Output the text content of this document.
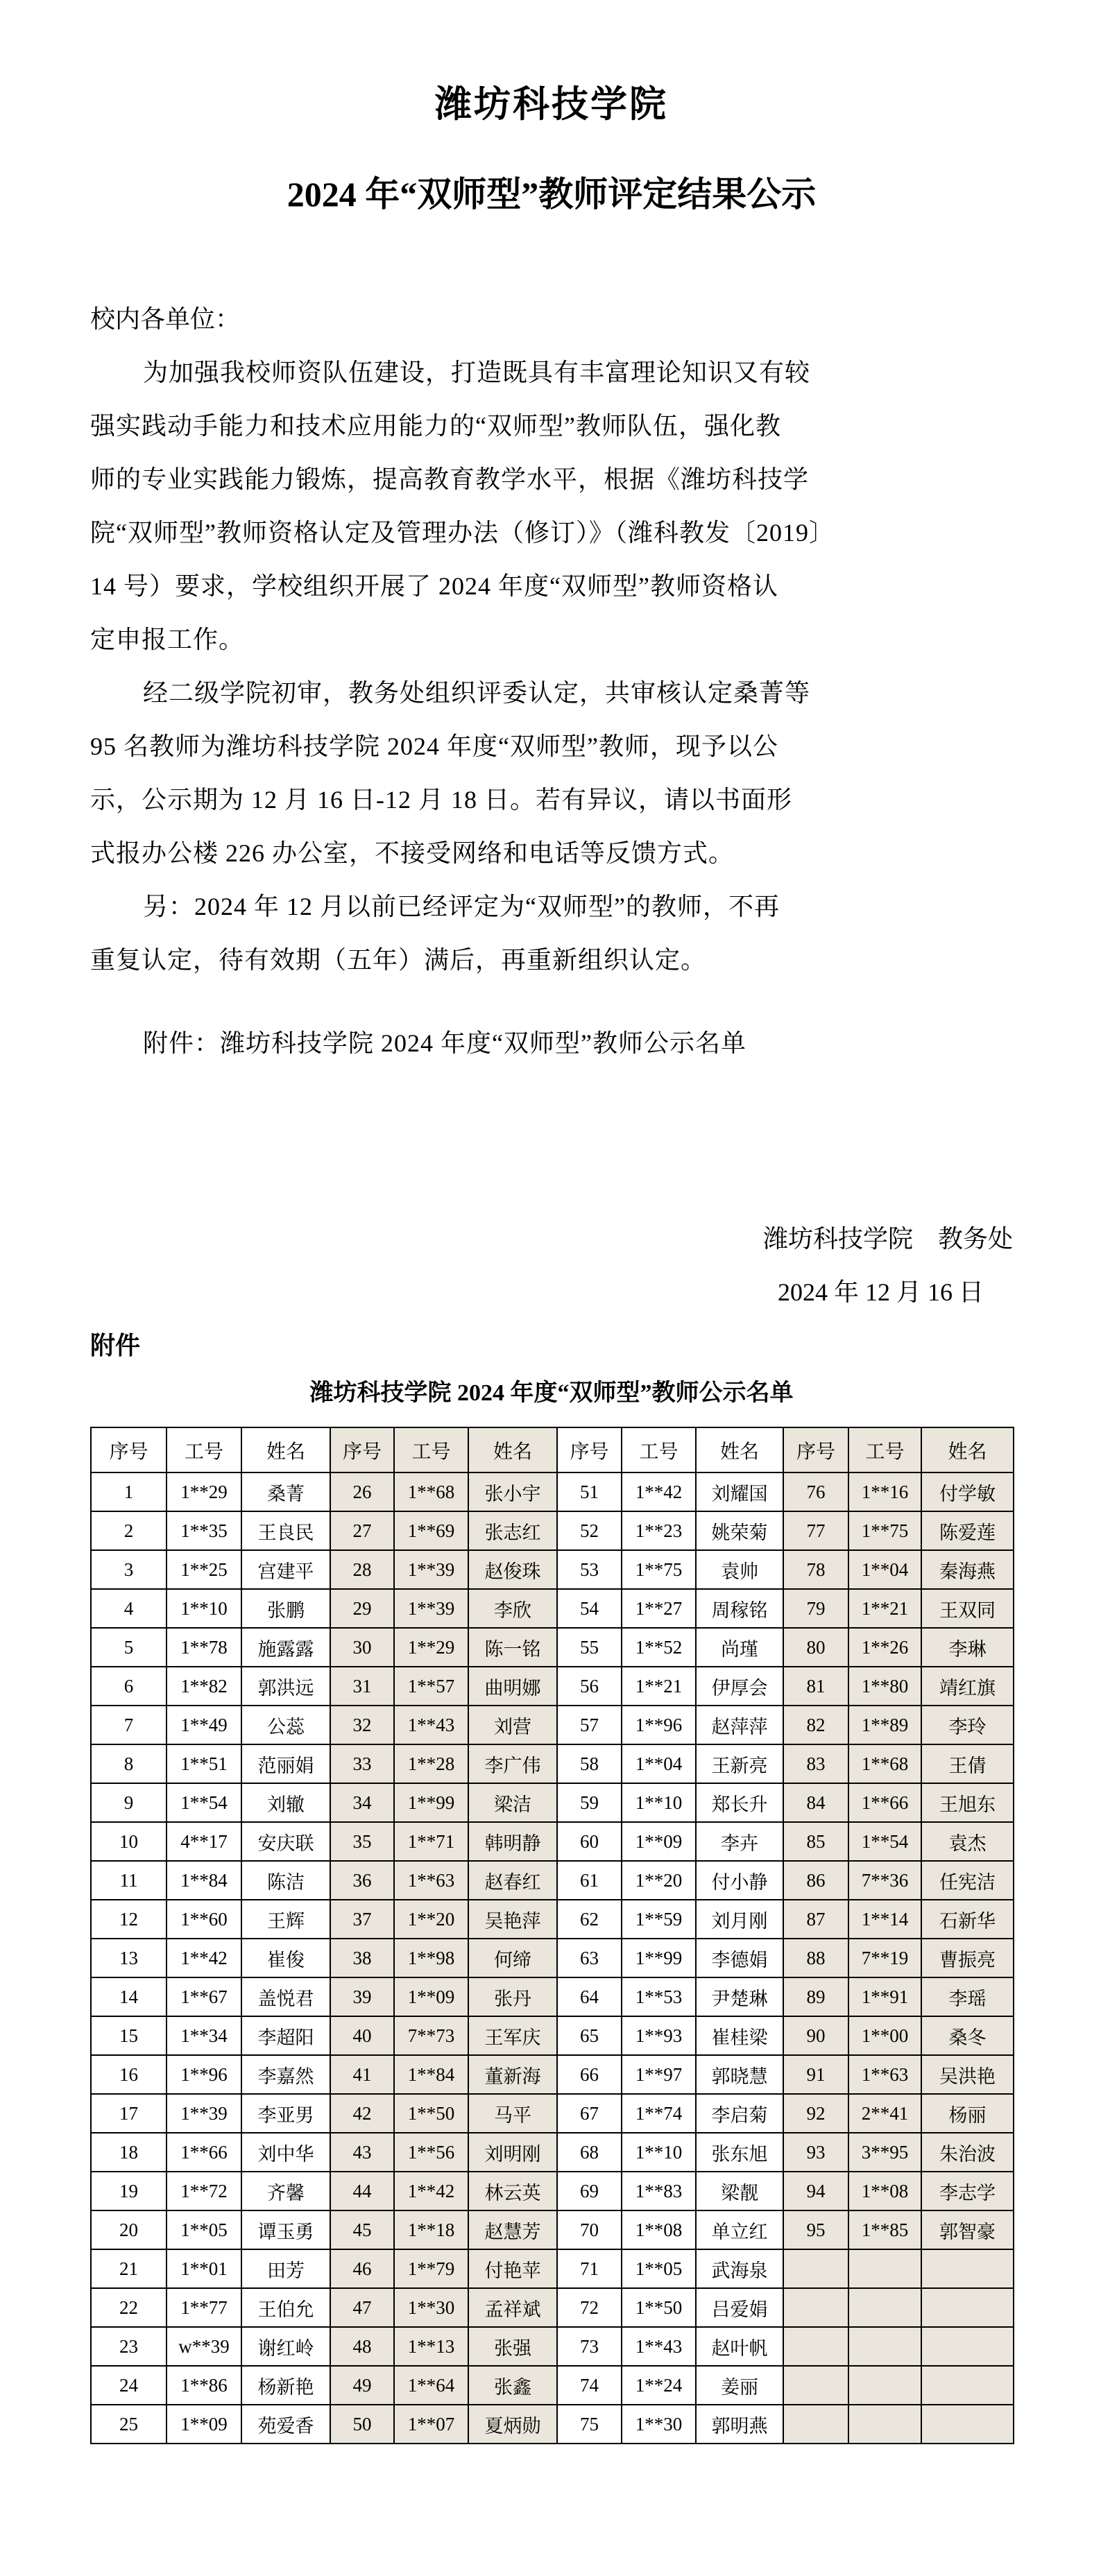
潍坊科技学院
2024 年“双师型”教师评定结果公示
校内各单位：
为加强我校师资队伍建设，打造既具有丰富理论知识又有较
强实践动手能力和技术应用能力的“双师型”教师队伍，强化教
师的专业实践能力锻炼，提高教育教学水平，根据《潍坊科技学
院“双师型”教师资格认定及管理办法（修订）》（潍科教发〔2019〕
14 号）要求，学校组织开展了 2024 年度“双师型”教师资格认
定申报工作。
经二级学院初审，教务处组织评委认定，共审核认定桑菁等
95 名教师为潍坊科技学院 2024 年度“双师型”教师，现予以公
示，公示期为 12 月 16 日-12 月 18 日。若有异议，请以书面形
式报办公楼 226 办公室，不接受网络和电话等反馈方式。
另：2024 年 12 月以前已经评定为“双师型”的教师，不再
重复认定，待有效期（五年）满后，再重新组织认定。
附件：潍坊科技学院 2024 年度“双师型”教师公示名单
潍坊科技学院　教务处
2024 年 12 月 16 日
附件
潍坊科技学院 2024 年度“双师型”教师公示名单
序号	工号	姓名	序号	工号	姓名	序号	工号	姓名	序号	工号	姓名
1	1**29	桑菁	26	1**68	张小宇	51	1**42	刘耀国	76	1**16	付学敏
2	1**35	王良民	27	1**69	张志红	52	1**23	姚荣菊	77	1**75	陈爱莲
3	1**25	宫建平	28	1**39	赵俊珠	53	1**75	袁帅	78	1**04	秦海燕
4	1**10	张鹏	29	1**39	李欣	54	1**27	周稼铭	79	1**21	王双同
5	1**78	施露露	30	1**29	陈一铭	55	1**52	尚瑾	80	1**26	李琳
6	1**82	郭洪远	31	1**57	曲明娜	56	1**21	伊厚会	81	1**80	靖红旗
7	1**49	公蕊	32	1**43	刘营	57	1**96	赵萍萍	82	1**89	李玲
8	1**51	范丽娟	33	1**28	李广伟	58	1**04	王新亮	83	1**68	王倩
9	1**54	刘辙	34	1**99	梁洁	59	1**10	郑长升	84	1**66	王旭东
10	4**17	安庆联	35	1**71	韩明静	60	1**09	李卉	85	1**54	袁杰
11	1**84	陈洁	36	1**63	赵春红	61	1**20	付小静	86	7**36	任宪洁
12	1**60	王辉	37	1**20	吴艳萍	62	1**59	刘月刚	87	1**14	石新华
13	1**42	崔俊	38	1**98	何缔	63	1**99	李德娟	88	7**19	曹振亮
14	1**67	盖悦君	39	1**09	张丹	64	1**53	尹楚琳	89	1**91	李瑶
15	1**34	李超阳	40	7**73	王军庆	65	1**93	崔桂梁	90	1**00	桑冬
16	1**96	李嘉然	41	1**84	董新海	66	1**97	郭晓慧	91	1**63	吴洪艳
17	1**39	李亚男	42	1**50	马平	67	1**74	李启菊	92	2**41	杨丽
18	1**66	刘中华	43	1**56	刘明刚	68	1**10	张东旭	93	3**95	朱治波
19	1**72	齐馨	44	1**42	林云英	69	1**83	梁靓	94	1**08	李志学
20	1**05	谭玉勇	45	1**18	赵慧芳	70	1**08	单立红	95	1**85	郭智豪
21	1**01	田芳	46	1**79	付艳苹	71	1**05	武海泉			
22	1**77	王伯允	47	1**30	孟祥斌	72	1**50	吕爱娟			
23	w**39	谢红岭	48	1**13	张强	73	1**43	赵叶帆			
24	1**86	杨新艳	49	1**64	张鑫	74	1**24	姜丽			
25	1**09	苑爱香	50	1**07	夏炳勋	75	1**30	郭明燕			
